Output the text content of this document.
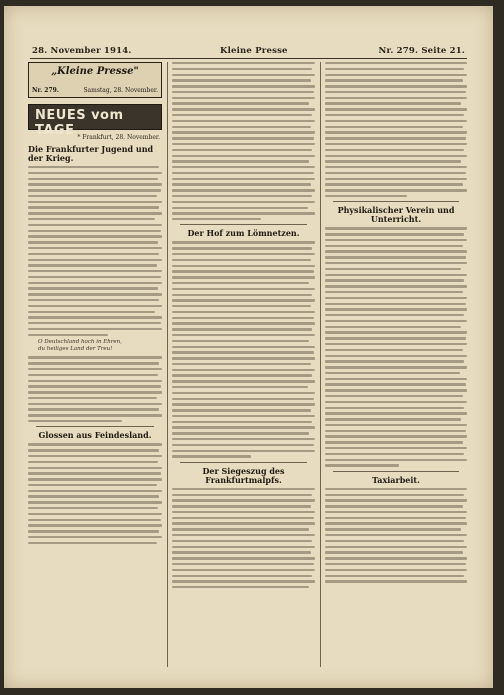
28. November 1914.	Kleine Presse	Nr. 279. Seite 21.
„Kleine Presse"
Nr. 279.	Samstag, 28. November.
NEUES vom TAGE * Frankfurt, 28. November.
Die Frankfurter Jugend und der Krieg.
O Deutschland hoch in Ehren,
du heiliges Land der Treu!
Glossen aus Feindesland.
Der Hof zum Lömnetzen.
Der Siegeszug des Frankfurtmalpfs.
Physikalischer Verein und Unterricht.
Taxiarbeit.
